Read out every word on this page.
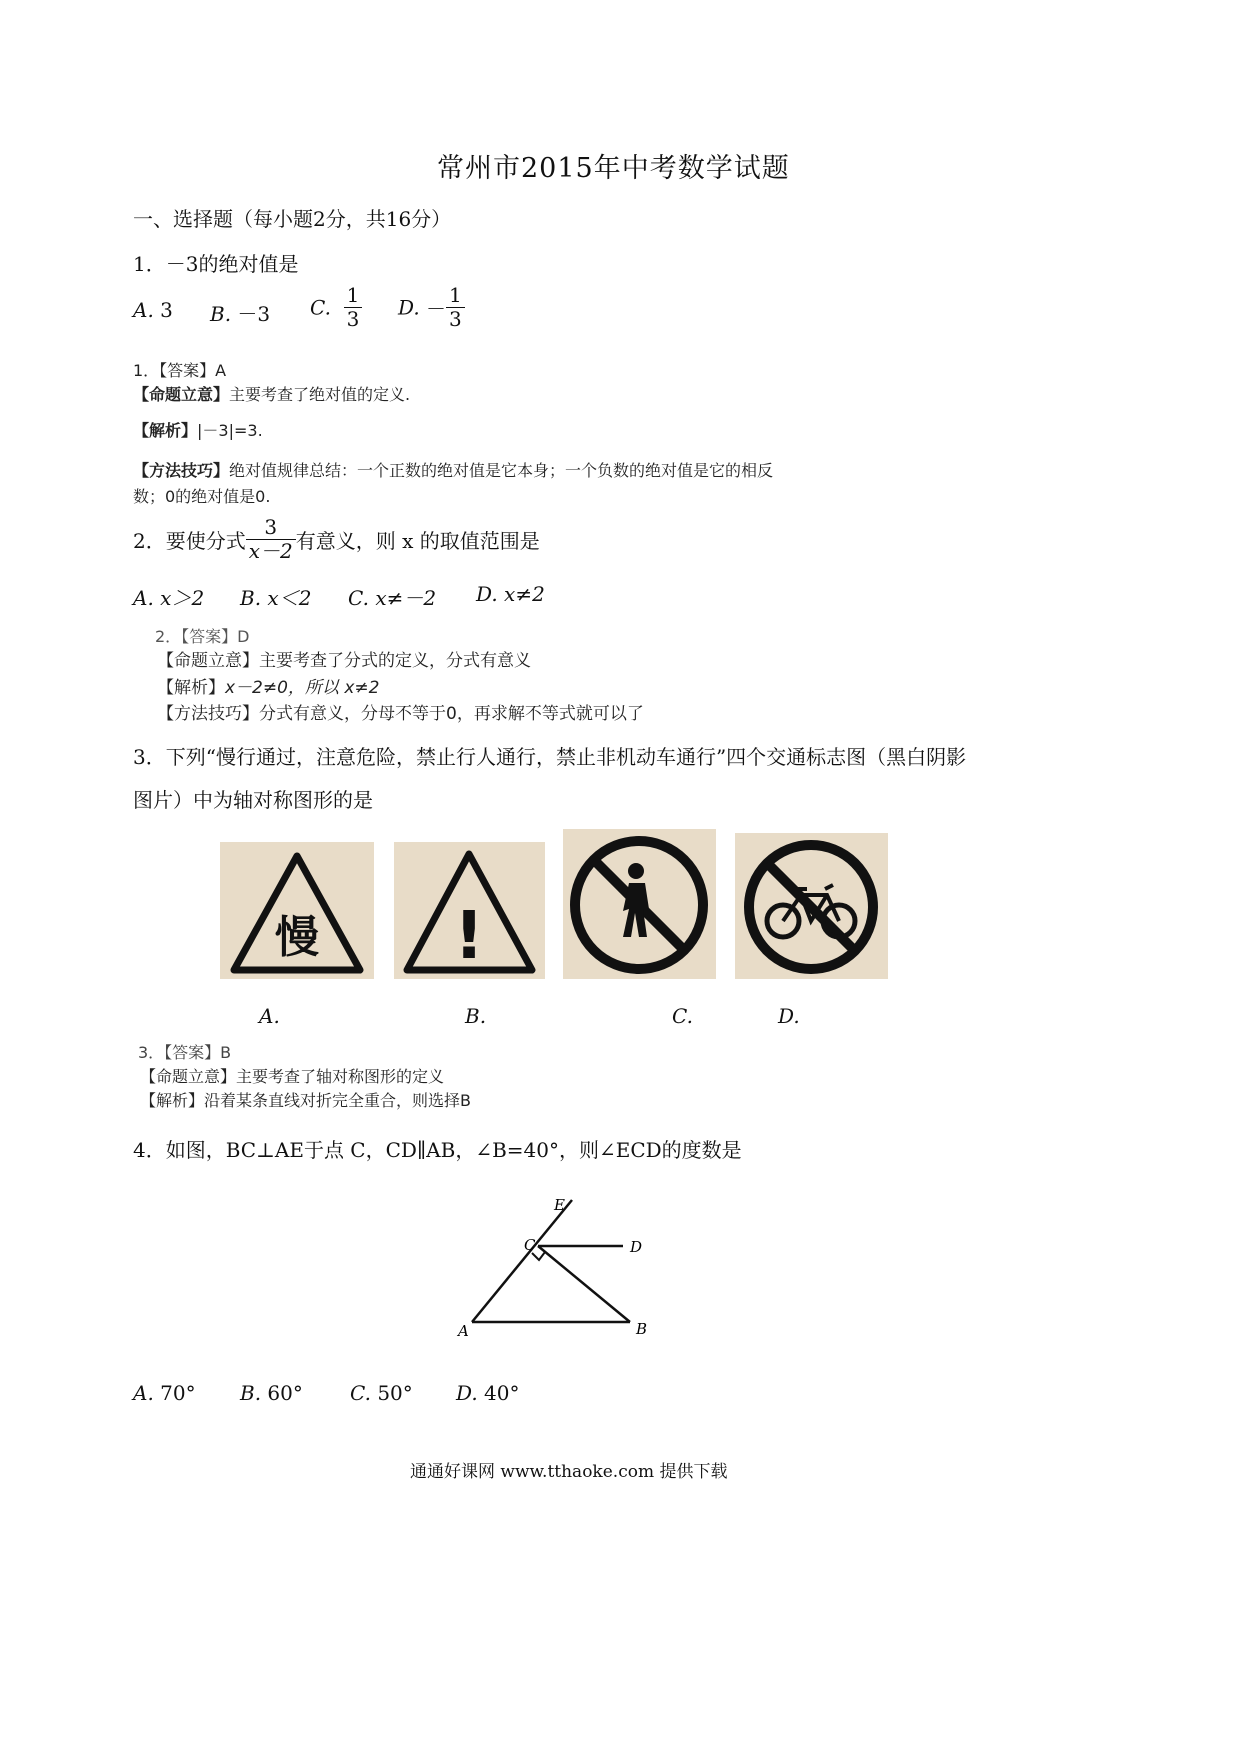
常州市2015年中考数学试题
一、选择题（每小题2分，共16分）
1．－3的绝对值是
A. 3 B. －3 C. $\frac{1}{3} D$. － $\frac{1}{3}$
1．【答案】A
【命题立意】主要考查了绝对值的定义.
【解析】|－3|=3.
【方法技巧】绝对值规律总结：一个正数的绝对值是它本身；一个负数的绝对值是它的相反
数；0的绝对值是0.
2．要使分式 $\frac{3}{x-2}$ 有意义，则 x 的取值范围是
A. x＞2 B. x＜2 C. x≠－2 D. x≠2
2．【答案】D
【命题立意】主要考查了分式的定义，分式有意义
【解析】x－2≠0，所以 x≠2
【方法技巧】分式有意义，分母不等于0，再求解不等式就可以了
3．下列“慢行通过，注意危险，禁止行人通行，禁止非机动车通行”四个交通标志图（黑白阴影
图片）中为轴对称图形的是
慢 !
A.	B.	C.	D.
3．【答案】B
【命题立意】主要考查了轴对称图形的定义
【解析】沿着某条直线对折完全重合，则选择B
4．如图，BC⊥AE于点 C，CD∥AB，∠B=40°，则∠ECD的度数是
E
C	D
A	B
A. 70° B. 60° C. 50° D. 40°
通通好课网 www.tthaoke.com 提供下载
